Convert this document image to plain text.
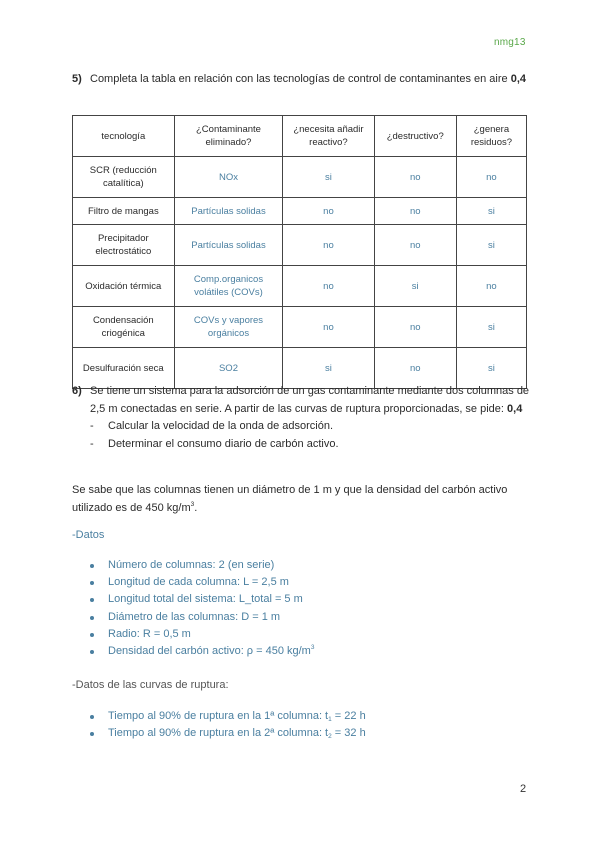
nmg13
5) Completa la tabla en relación con las tecnologías de control de contaminantes en aire 0,4
tecnología	¿Contaminante eliminado?	¿necesita añadir reactivo?	¿destructivo?	¿genera residuos?
SCR (reducción catalítica)	NOx	si	no	no
Filtro de mangas	Partículas solidas	no	no	si
Precipitador electrostático	Partículas solidas	no	no	si
Oxidación térmica	Comp.organicos volátiles (COVs)	no	si	no
Condensación criogénica	COVs y vapores orgánicos	no	no	si
Desulfuración seca	SO2	si	no	si
6) Se tiene un sistema para la adsorción de un gas contaminante mediante dos columnas de 2,5 m conectadas en serie. A partir de las curvas de ruptura proporcionadas, se pide: 0,4
- Calcular la velocidad de la onda de adsorción.
- Determinar el consumo diario de carbón activo.
Se sabe que las columnas tienen un diámetro de 1 m y que la densidad del carbón activo utilizado es de 450 $kg/m^3$.
-Datos
Número de columnas: 2 (en serie)
Longitud de cada columna: L = 2,5 m
Longitud total del sistema: L_total = 5 m
Diámetro de las columnas: D = 1 m
Radio: R = 0,5 m
Densidad del carbón activo: ρ = 450 $kg/m^3$
-Datos de las curvas de ruptura:
Tiempo al 90% de ruptura en la 1ª columna: $t_1 = 22$ h
Tiempo al 90% de ruptura en la 2ª columna: $t_2 = 32$ h
2
